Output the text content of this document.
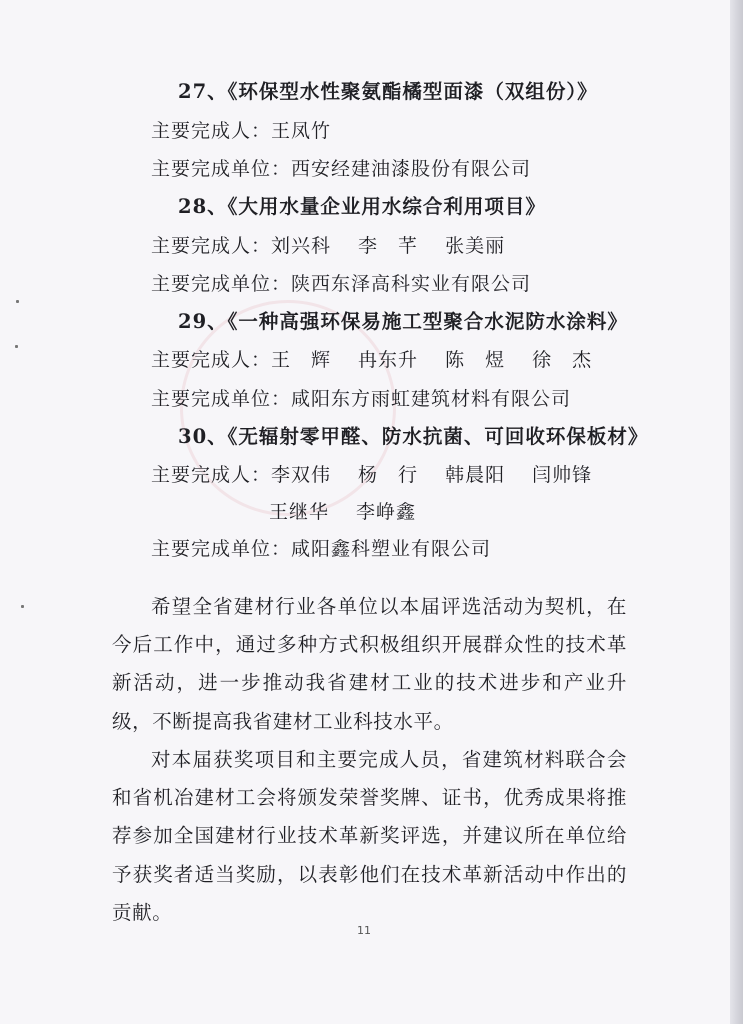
27、《环保型水性聚氨酯橘型面漆（双组份）》
主要完成人：王凤竹
主要完成单位：西安经建油漆股份有限公司
28、《大用水量企业用水综合利用项目》
主要完成人：刘兴科　 李　芊　 张美丽
主要完成单位：陕西东泽高科实业有限公司
29、《一种高强环保易施工型聚合水泥防水涂料》
主要完成人：王　辉　 冉东升　 陈　煜　 徐　杰
主要完成单位：咸阳东方雨虹建筑材料有限公司
30、《无辐射零甲醛、防水抗菌、可回收环保板材》
主要完成人：李双伟　 杨　行　 韩晨阳　 闫帅锋
王继华　 李峥鑫
主要完成单位：咸阳鑫科塑业有限公司

希望全省建材行业各单位以本届评选活动为契机，在今后工作中，通过多种方式积极组织开展群众性的技术革新活动，进一步推动我省建材工业的技术进步和产业升级，不断提高我省建材工业科技水平。

对本届获奖项目和主要完成人员，省建筑材料联合会和省机冶建材工会将颁发荣誉奖牌、证书，优秀成果将推荐参加全国建材行业技术革新奖评选，并建议所在单位给予获奖者适当奖励，以表彰他们在技术革新活动中作出的贡献。

11
